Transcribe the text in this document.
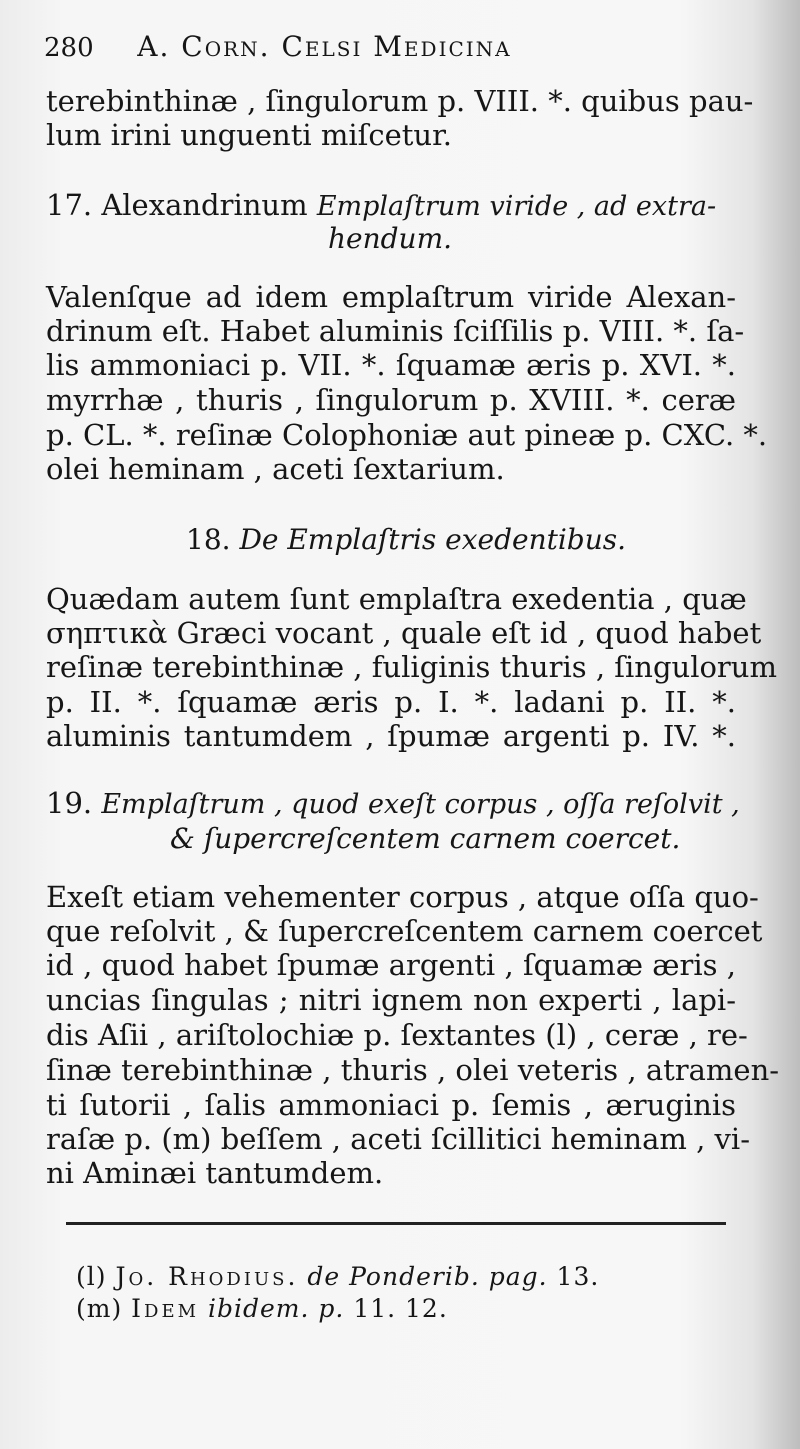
280 A. Corn. Celsi Medicina
terebinthinæ , ſingulorum p. VIII. *. quibus pau-
lum irini unguenti miſcetur.
17. Alexandrinum Emplaſtrum viride , ad extra-
hendum.
Valenſque ad idem emplaſtrum viride Alexan-
drinum eſt. Habet aluminis ſciſſilis p. VIII. *. ſa-
lis ammoniaci p. VII. *. ſquamæ æris p. XVI. *.
myrrhæ , thuris , ſingulorum p. XVIII. *. ceræ
p. CL. *. reſinæ Colophoniæ aut pineæ p. CXC. *.
olei heminam , aceti ſextarium.
18. De Emplaſtris exedentibus.
Quædam autem ſunt emplaſtra exedentia , quæ
σηπτικὰ Græci vocant , quale eſt id , quod habet
reſinæ terebinthinæ , fuliginis thuris , ſingulorum
p. II. *. ſquamæ æris p. I. *. ladani p. II. *.
aluminis tantumdem , ſpumæ argenti p. IV. *.
19. Emplaſtrum , quod exeſt corpus , oſſa reſolvit ,
& ſupercreſcentem carnem coercet.
Exeſt etiam vehementer corpus , atque oſſa quo-
que reſolvit , & ſupercreſcentem carnem coercet
id , quod habet ſpumæ argenti , ſquamæ æris ,
uncias ſingulas ; nitri ignem non experti , lapi-
dis Aſii , ariſtolochiæ p. ſextantes (l) , ceræ , re-
ſinæ terebinthinæ , thuris , olei veteris , atramen-
ti ſutorii , ſalis ammoniaci p. ſemis , æruginis
raſæ p. (m) beſſem , aceti ſcillitici heminam , vi-
ni Aminæi tantumdem.
(l) Jo. Rhodius. de Ponderib. pag. 13.
(m) Idem ibidem. p. 11. 12.
